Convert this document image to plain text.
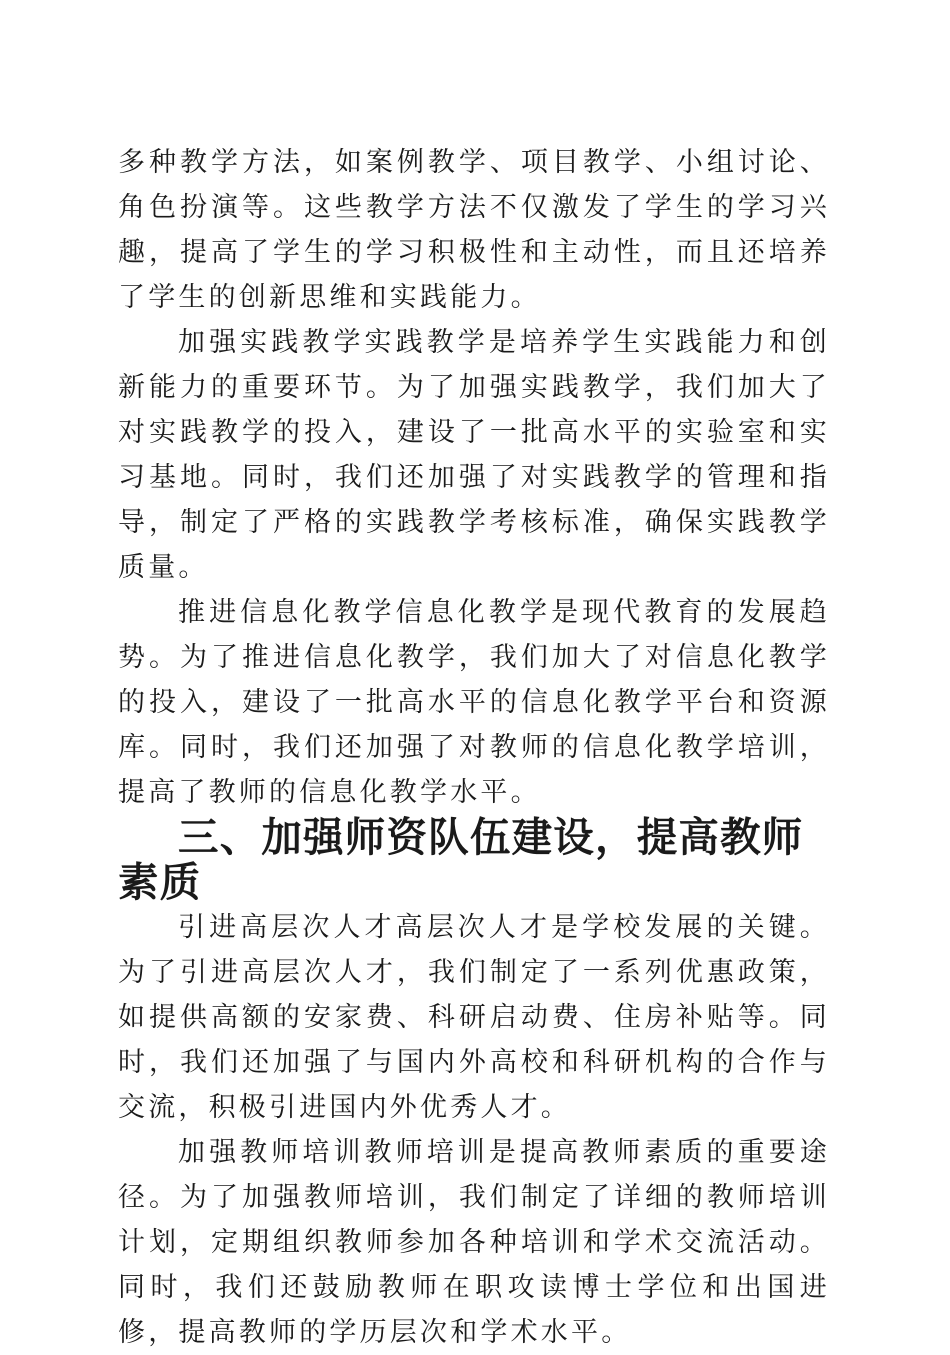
多种教学方法，如案例教学、项目教学、小组讨论、角色扮演等。这些教学方法不仅激发了学生的学习兴趣，提高了学生的学习积极性和主动性，而且还培养了学生的创新思维和实践能力。

加强实践教学实践教学是培养学生实践能力和创新能力的重要环节。为了加强实践教学，我们加大了对实践教学的投入，建设了一批高水平的实验室和实习基地。同时，我们还加强了对实践教学的管理和指导，制定了严格的实践教学考核标准，确保实践教学质量。

推进信息化教学信息化教学是现代教育的发展趋势。为了推进信息化教学，我们加大了对信息化教学的投入，建设了一批高水平的信息化教学平台和资源库。同时，我们还加强了对教师的信息化教学培训，提高了教师的信息化教学水平。

三、加强师资队伍建设，提高教师素质

引进高层次人才高层次人才是学校发展的关键。为了引进高层次人才，我们制定了一系列优惠政策，如提供高额的安家费、科研启动费、住房补贴等。同时，我们还加强了与国内外高校和科研机构的合作与交流，积极引进国内外优秀人才。

加强教师培训教师培训是提高教师素质的重要途径。为了加强教师培训，我们制定了详细的教师培训计划，定期组织教师参加各种培训和学术交流活动。同时，我们还鼓励教师在职攻读博士学位和出国进修，提高教师的学历层次和学术水平。
